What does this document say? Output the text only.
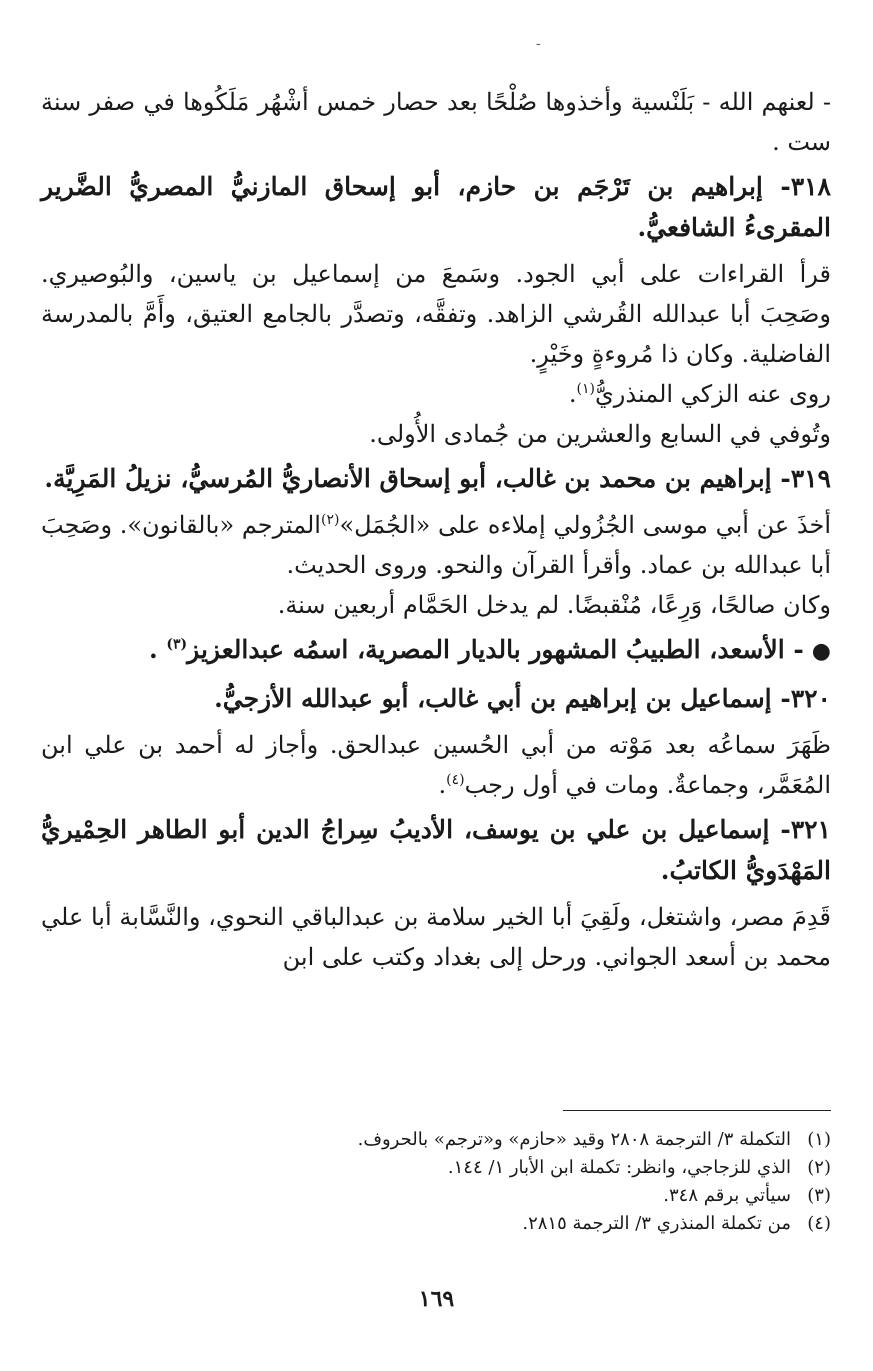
-

- لعنهم الله - بَلَنْسية وأخذوها صُلْحًا بعد حصار خمس أشْهُر مَلَكُوها في صفر سنة ست .

٣١٨- إبراهيم بن تَرْجَم بن حازم، أبو إسحاق المازنيُّ المصريُّ الضَّرير المقرىءُ الشافعيُّ.

قرأ القراءات على أبي الجود. وسَمعَ من إسماعيل بن ياسين، والبُوصيري. وصَحِبَ أبا عبدالله القُرشي الزاهد. وتفقَّه، وتصدَّر بالجامع العتيق، وأَمَّ بالمدرسة الفاضلية. وكان ذا مُروءةٍ وخَيْرٍ.

روى عنه الزكي المنذريُّ$^{(١)}$.

وتُوفي في السابع والعشرين من جُمادى الأُولى.

٣١٩- إبراهيم بن محمد بن غالب، أبو إسحاق الأنصاريُّ المُرسيُّ، نزيلُ المَرِيَّة.

أخذَ عن أبي موسى الجُزُولي إملاءه على «الجُمَل»$^{(٢)}$المترجم «بالقانون». وصَحِبَ أبا عبدالله بن عماد. وأقرأ القرآن والنحو. وروى الحديث.

وكان صالحًا، وَرِعًا، مُنْقبضًا. لم يدخل الحَمَّام أربعين سنة.

●- الأسعد، الطبيبُ المشهور بالديار المصرية، اسمُه عبدالعزيز$^{(٣)}$ .

٣٢٠- إسماعيل بن إبراهيم بن أبي غالب، أبو عبدالله الأزجيُّ.

ظَهَرَ سماعُه بعد مَوْته من أبي الحُسين عبدالحق. وأجاز له أحمد بن علي ابن المُعَمَّر، وجماعةٌ. ومات في أول رجب$^{(٤)}$.

٣٢١- إسماعيل بن علي بن يوسف، الأديبُ سِراجُ الدين أبو الطاهر الحِمْيريُّ المَهْدَويُّ الكاتبُ.

قَدِمَ مصر، واشتغل، ولَقِيَ أبا الخير سلامة بن عبدالباقي النحوي، والنَّسَّابة أبا علي محمد بن أسعد الجواني. ورحل إلى بغداد وكتب على ابن

(١)
التكملة ٣/ الترجمة ٢٨٠٨ وقيد «حازم» و«ترجم» بالحروف.
(٢)
الذي للزجاجي، وانظر: تكملة ابن الأبار ١/ ١٤٤.
(٣)
سيأتي برقم ٣٤٨.
(٤)
من تكملة المنذري ٣/ الترجمة ٢٨١٥.
١٦٩
